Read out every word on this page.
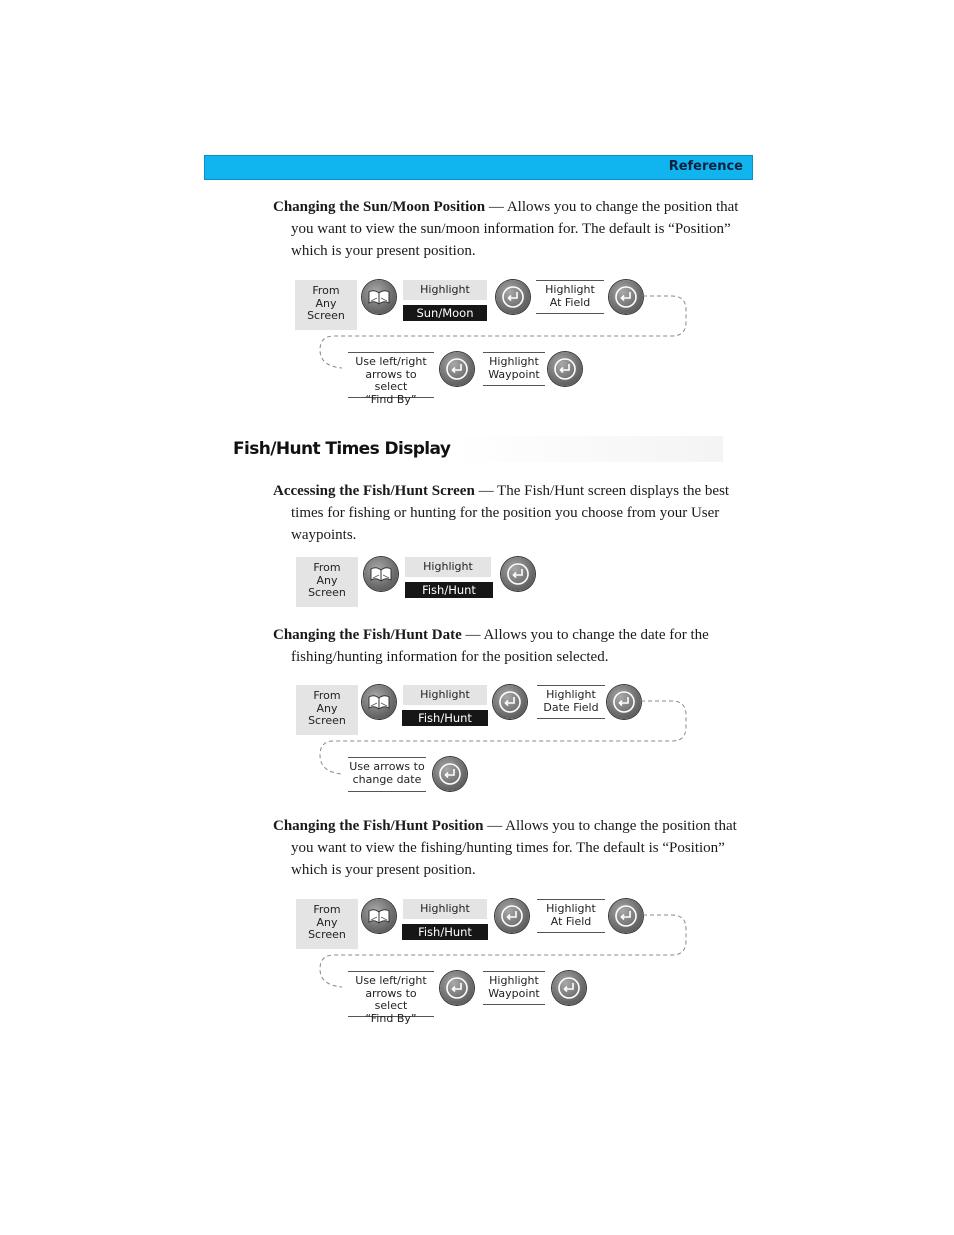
Reference
Changing the Sun/Moon Position — Allows you to change the position that you want to view the sun/moon information for. The default is “Position” which is your present position.
From
Any
Screen
Highlight
Sun/Moon
Highlight
At Field
Use left/right
arrows to select
“Find By”
Highlight
Waypoint
Fish/Hunt Times Display
Accessing the Fish/Hunt Screen — The Fish/Hunt screen displays the best times for fishing or hunting for the position you choose from your User waypoints.
From
Any
Screen
Highlight
Fish/Hunt
Changing the Fish/Hunt Date — Allows you to change the date for the fishing/hunting information for the position selected.
From
Any
Screen
Highlight
Fish/Hunt
Highlight
Date Field
Use arrows to
change date
Changing the Fish/Hunt Position — Allows you to change the position that you want to view the fishing/hunting times for. The default is “Position” which is your present position.
From
Any
Screen
Highlight
Fish/Hunt
Highlight
At Field
Use left/right
arrows to select
“Find By”
Highlight
Waypoint
